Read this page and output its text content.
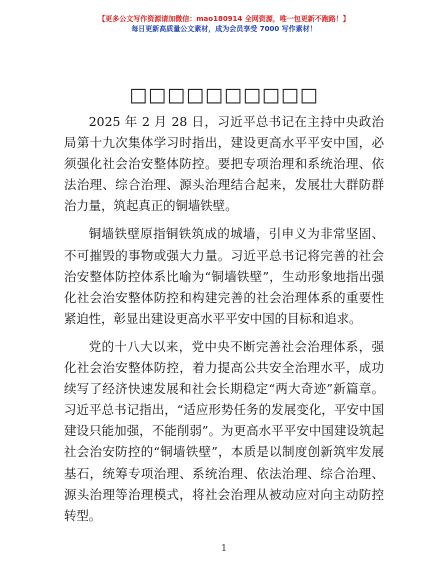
【更多公文写作资源请加微信：mao180914 全网资源，唯一包更新不跑路！】
每日更新高质量公文素材，成为会员享受 7000 写作素材！
□□□□□□□□□□

2025 年 2 月 28 日，习近平总书记在主持中央政治局第十九次集体学习时指出，建设更高水平平安中国，必须强化社会治安整体防控。要把专项治理和系统治理、依法治理、综合治理、源头治理结合起来，发展壮大群防群治力量，筑起真正的铜墙铁壁。

铜墙铁壁原指铜铁筑成的城墙，引申义为非常坚固、不可摧毁的事物或强大力量。习近平总书记将完善的社会治安整体防控体系比喻为“铜墙铁壁”，生动形象地指出强化社会治安整体防控和构建完善的社会治理体系的重要性紧迫性，彰显出建设更高水平平安中国的目标和追求。

党的十八大以来，党中央不断完善社会治理体系，强化社会治安整体防控，着力提高公共安全治理水平，成功续写了经济快速发展和社会长期稳定“两大奇迹”新篇章。习近平总书记指出，“适应形势任务的发展变化，平安中国建设只能加强，不能削弱”。为更高水平平安中国建设筑起社会治安防控的“铜墙铁壁”，本质是以制度创新筑牢发展基石，统筹专项治理、系统治理、依法治理、综合治理、源头治理等治理模式，将社会治理从被动应对向主动防控转型。

1
